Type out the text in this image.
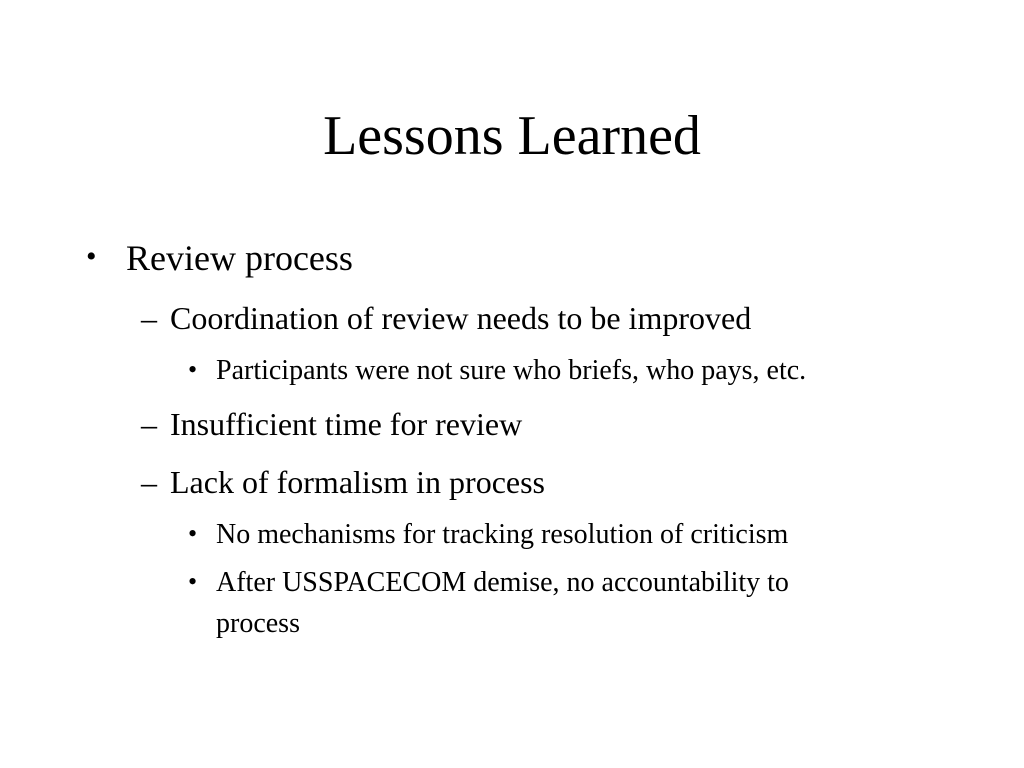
Lessons Learned
• Review process
– Coordination of review needs to be improved
• Participants were not sure who briefs, who pays, etc.
– Insufficient time for review
– Lack of formalism in process
• No mechanisms for tracking resolution of criticism
• After USSPACECOM demise, no accountability to
process
